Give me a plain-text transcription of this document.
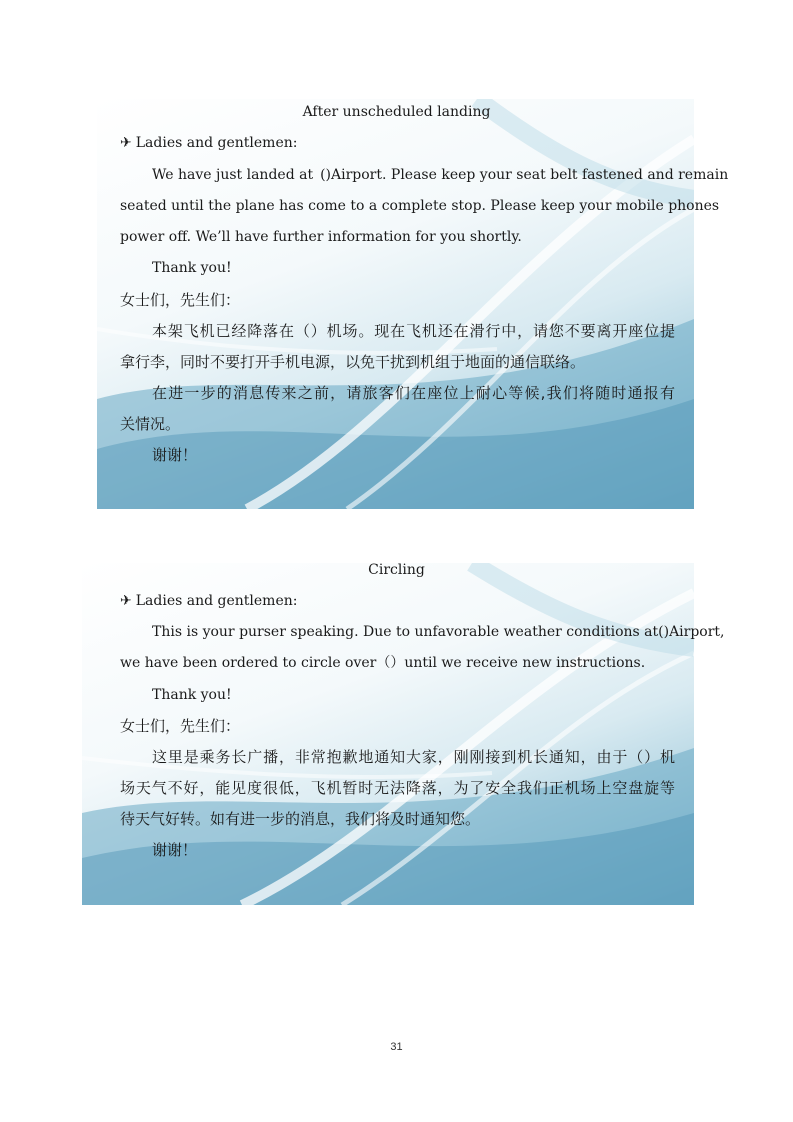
After unscheduled landing
✈ Ladies and gentlemen:
We have just landed at ()Airport. Please keep your seat belt fastened and remain
seated until the plane has come to a complete stop. Please keep your mobile phones
power off. We’ll have further information for you shortly.
Thank you!
女士们，先生们：
本架飞机已经降落在（）机场。现在飞机还在滑行中，请您不要离开座位提
拿行李，同时不要打开手机电源，以免干扰到机组于地面的通信联络。
在进一步的消息传来之前，请旅客们在座位上耐心等候,我们将随时通报有
关情况。
谢谢！
Circling
✈ Ladies and gentlemen:
This is your purser speaking. Due to unfavorable weather conditions at()Airport,
we have been ordered to circle over（）until we receive new instructions.
Thank you!
女士们，先生们：
这里是乘务长广播，非常抱歉地通知大家，刚刚接到机长通知，由于（）机
场天气不好，能见度很低，飞机暂时无法降落，为了安全我们正机场上空盘旋等
待天气好转。如有进一步的消息，我们将及时通知您。
谢谢！
31
